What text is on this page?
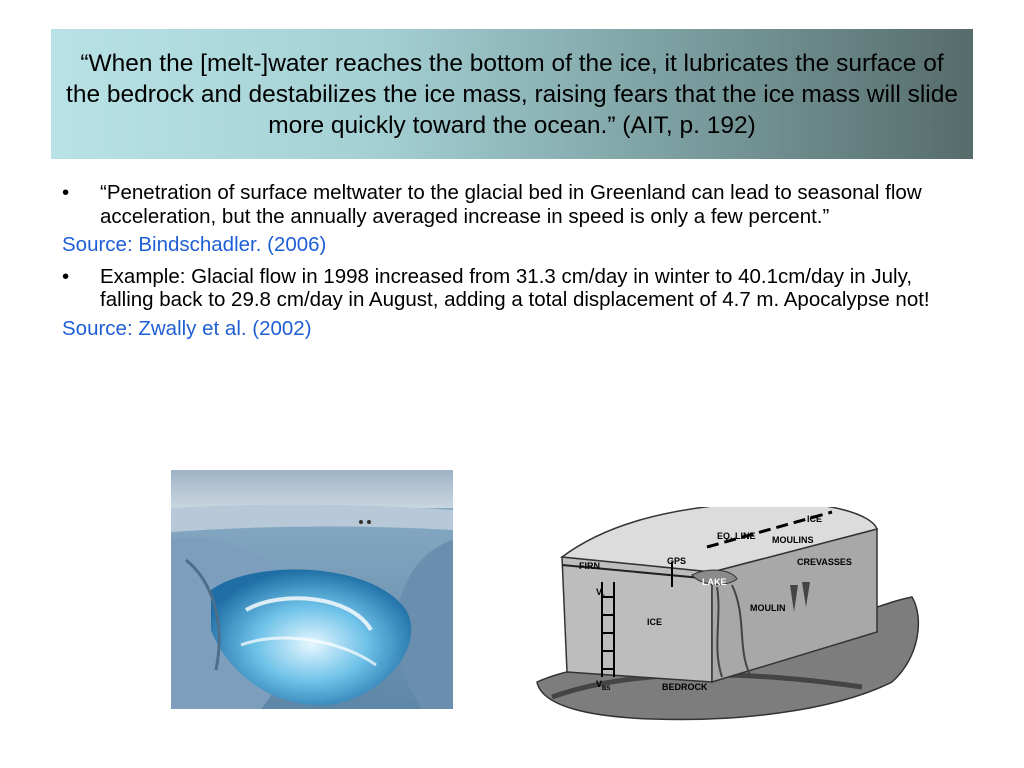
“When the [melt-]water reaches the bottom of the ice, it lubricates the surface of the bedrock and destabilizes the ice mass, raising fears that the ice mass will slide more quickly toward the ocean.” (AIT, p. 192)
• “Penetration of surface meltwater to the glacial bed in Greenland can lead to seasonal flow acceleration, but the annually averaged increase in speed is only a few percent.”
Source: Bindschadler. (2006)
• Example: Glacial flow in 1998 increased from 31.3 cm/day in winter to 40.1cm/day in July, falling back to 29.8 cm/day in August, adding a total displacement of 4.7 m. Apocalypse not!
Source: Zwally et al. (2002)
ICE
EQ. LINE MOULINS
CREVASSES
FIRN	GPS
LAKE
V s
ICE
MOULIN
V BS	BEDROCK
